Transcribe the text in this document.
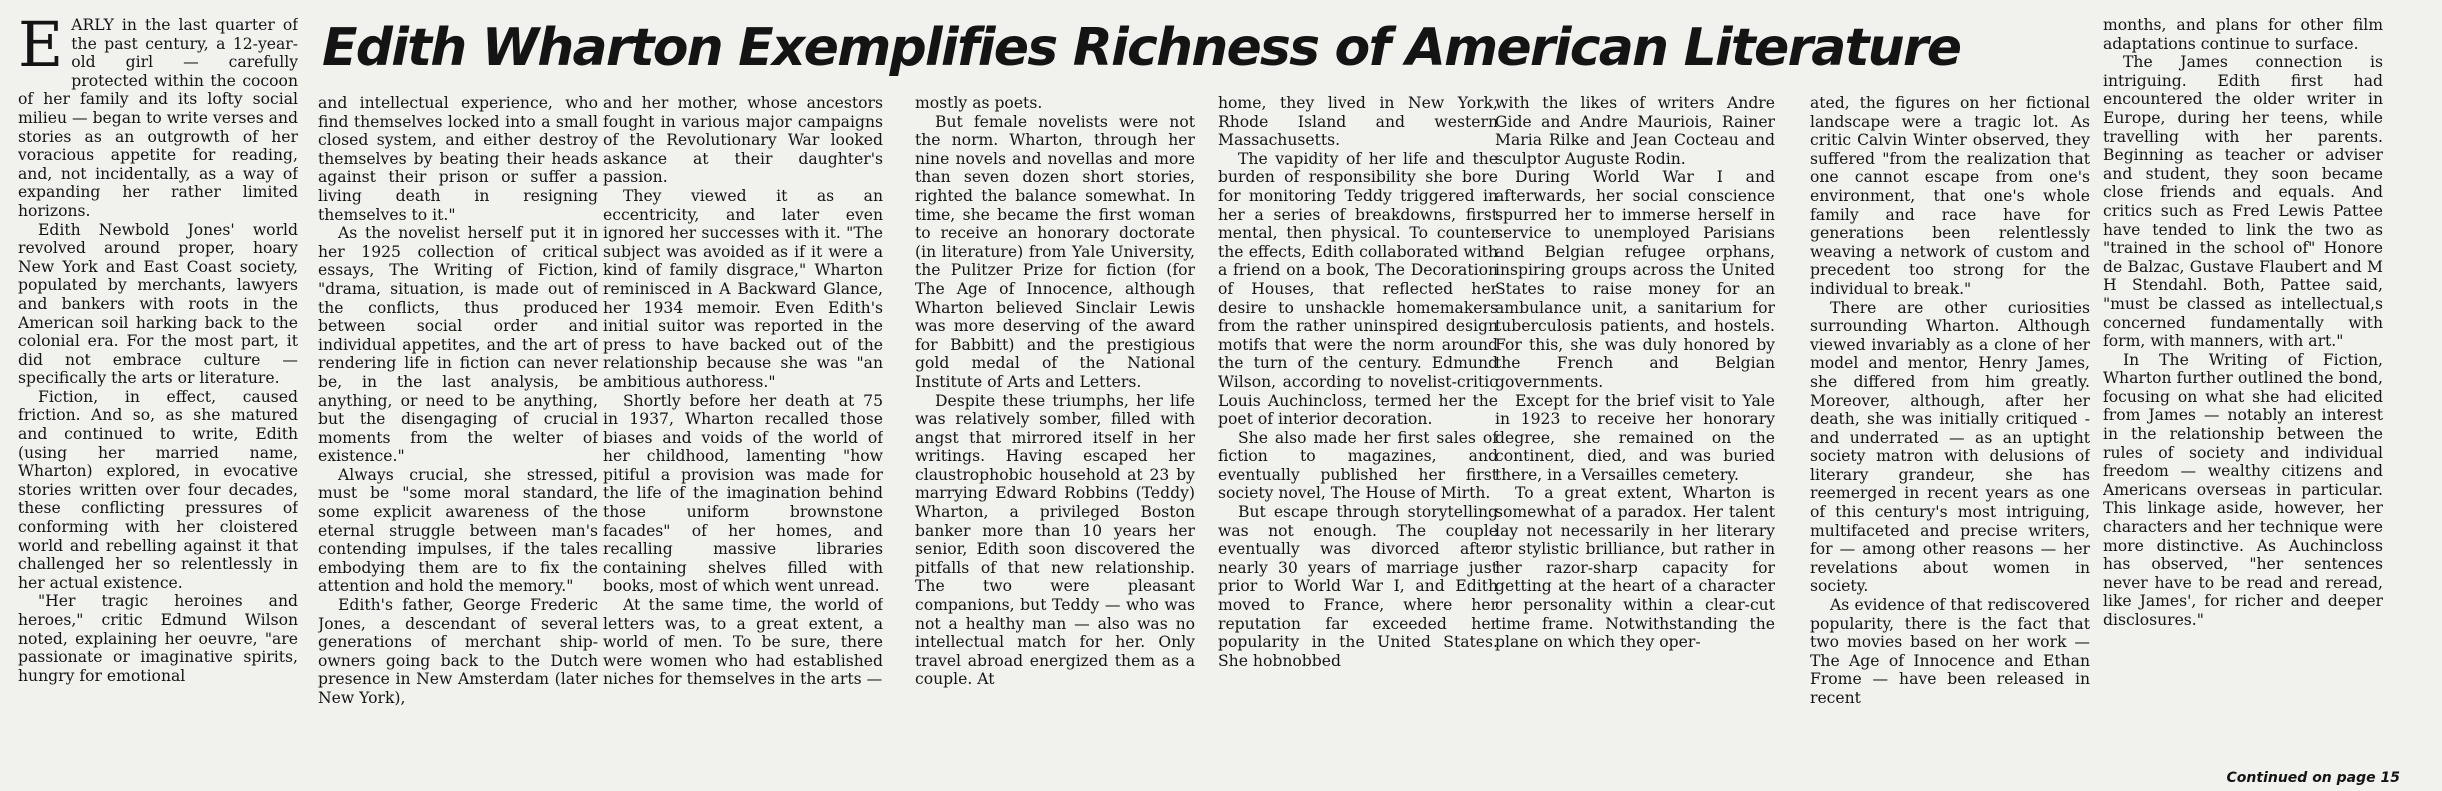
Edith Wharton Exemplifies Richness of American Literature
E ARLY in the last quarter of the past century, a 12-year-old girl — carefully protected within the cocoon of her family and its lofty social milieu — began to write verses and stories as an outgrowth of her voracious appetite for reading, and, not incidentally, as a way of expanding her rather limited horizons.

Edith Newbold Jones' world revolved around proper, hoary New York and East Coast society, populated by merchants, lawyers and bankers with roots in the American soil harking back to the colonial era. For the most part, it did not embrace culture — specifically the arts or literature.

Fiction, in effect, caused friction. And so, as she matured and continued to write, Edith (using her married name, Wharton) explored, in evocative stories written over four decades, these conflicting pressures of conforming with her cloistered world and rebelling against it that challenged her so relentlessly in her actual existence.

"Her tragic heroines and heroes," critic Edmund Wilson noted, explaining her oeuvre, "are passionate or imaginative spirits, hungry for emotional

and intellectual experience, who find themselves locked into a small closed system, and either destroy themselves by beating their heads against their prison or suffer a living death in resigning themselves to it."

As the novelist herself put it in her 1925 collection of critical essays, The Writing of Fiction, "drama, situation, is made out of the conflicts, thus produced between social order and individual appetites, and the art of rendering life in fiction can never be, in the last analysis, be anything, or need to be anything, but the disengaging of crucial moments from the welter of existence."

Always crucial, she stressed, must be "some moral standard, some explicit awareness of the eternal struggle between man's contending impulses, if the tales embodying them are to fix the attention and hold the memory."

Edith's father, George Frederic Jones, a descendant of several generations of merchant ship-owners going back to the Dutch presence in New Amsterdam (later New York),

and her mother, whose ancestors fought in various major campaigns of the Revolutionary War looked askance at their daughter's passion.

They viewed it as an eccentricity, and later even ignored her successes with it. "The subject was avoided as if it were a kind of family disgrace," Wharton reminisced in A Backward Glance, her 1934 memoir. Even Edith's initial suitor was reported in the press to have backed out of the relationship because she was "an ambitious authoress."

Shortly before her death at 75 in 1937, Wharton recalled those biases and voids of the world of her childhood, lamenting "how pitiful a provision was made for the life of the imagination behind those uniform brownstone facades" of her homes, and recalling massive libraries containing shelves filled with books, most of which went unread.

At the same time, the world of letters was, to a great extent, a world of men. To be sure, there were women who had established niches for themselves in the arts —

mostly as poets.

But female novelists were not the norm. Wharton, through her nine novels and novellas and more than seven dozen short stories, righted the balance somewhat. In time, she became the first woman to receive an honorary doctorate (in literature) from Yale University, the Pulitzer Prize for fiction (for The Age of Innocence, although Wharton believed Sinclair Lewis was more deserving of the award for Babbitt) and the prestigious gold medal of the National Institute of Arts and Letters.

Despite these triumphs, her life was relatively somber, filled with angst that mirrored itself in her writings. Having escaped her claustrophobic household at 23 by marrying Edward Robbins (Teddy) Wharton, a privileged Boston banker more than 10 years her senior, Edith soon discovered the pitfalls of that new relationship. The two were pleasant companions, but Teddy — who was not a healthy man — also was no intellectual match for her. Only travel abroad energized them as a couple. At

home, they lived in New York, Rhode Island and western Massachusetts.

The vapidity of her life and the burden of responsibility she bore for monitoring Teddy triggered in her a series of breakdowns, first mental, then physical. To counter the effects, Edith collaborated with a friend on a book, The Decoration of Houses, that reflected her desire to unshackle homemakers from the rather uninspired design motifs that were the norm around the turn of the century. Edmund Wilson, according to novelist-critic Louis Auchincloss, termed her the poet of interior decoration.

She also made her first sales of fiction to magazines, and eventually published her first society novel, The House of Mirth.

But escape through storytelling was not enough. The couple eventually was divorced after nearly 30 years of marriage just prior to World War I, and Edith moved to France, where her reputation far exceeded her popularity in the United States. She hobnobbed

with the likes of writers Andre Gide and Andre Mauriois, Rainer Maria Rilke and Jean Cocteau and sculptor Auguste Rodin.

During World War I and afterwards, her social conscience spurred her to immerse herself in service to unemployed Parisians and Belgian refugee orphans, inspiring groups across the United States to raise money for an ambulance unit, a sanitarium for tuberculosis patients, and hostels. For this, she was duly honored by the French and Belgian governments.

Except for the brief visit to Yale in 1923 to receive her honorary degree, she remained on the continent, died, and was buried there, in a Versailles cemetery.

To a great extent, Wharton is somewhat of a paradox. Her talent lay not necessarily in her literary or stylistic brilliance, but rather in her razor-sharp capacity for getting at the heart of a character or personality within a clear-cut time frame. Notwithstanding the plane on which they oper-

ated, the figures on her fictional landscape were a tragic lot. As critic Calvin Winter observed, they suffered "from the realization that one cannot escape from one's environment, that one's whole family and race have for generations been relentlessly weaving a network of custom and precedent too strong for the individual to break."

There are other curiosities surrounding Wharton. Although viewed invariably as a clone of her model and mentor, Henry James, she differed from him greatly. Moreover, although, after her death, she was initially critiqued - and underrated — as an uptight society matron with delusions of literary grandeur, she has reemerged in recent years as one of this century's most intriguing, multifaceted and precise writers, for — among other reasons — her revelations about women in society.

As evidence of that rediscovered popularity, there is the fact that two movies based on her work — The Age of Innocence and Ethan Frome — have been released in recent

months, and plans for other film adaptations continue to surface.

The James connection is intriguing. Edith first had encountered the older writer in Europe, during her teens, while travelling with her parents. Beginning as teacher or adviser and student, they soon became close friends and equals. And critics such as Fred Lewis Pattee have tended to link the two as "trained in the school of" Honore de Balzac, Gustave Flaubert and M H Stendahl. Both, Pattee said, "must be classed as intellectual,s concerned fundamentally with form, with manners, with art."

In The Writing of Fiction, Wharton further outlined the bond, focusing on what she had elicited from James — notably an interest in the relationship between the rules of society and individual freedom — wealthy citizens and Americans overseas in particular. This linkage aside, however, her characters and her technique were more distinctive. As Auchincloss has observed, "her sentences never have to be read and reread, like James', for richer and deeper disclosures."

Continued on page 15
